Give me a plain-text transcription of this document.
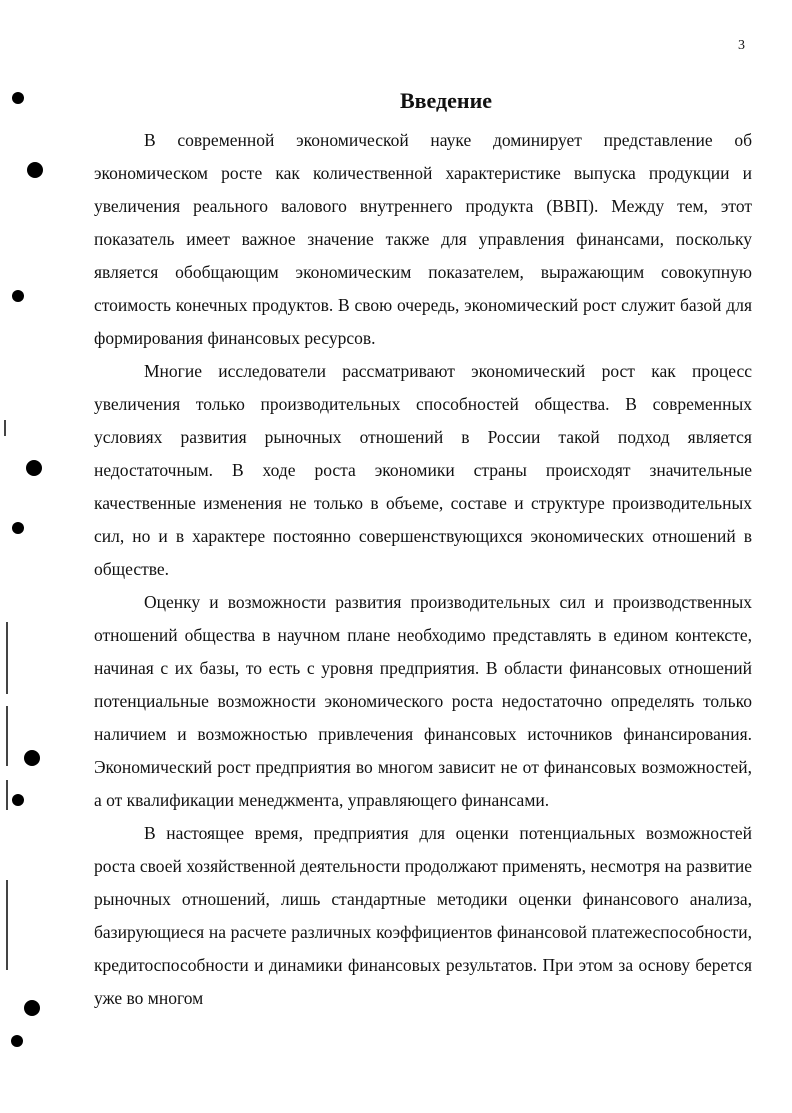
3
Введение

В современной экономической науке доминирует представление об экономическом росте как количественной характеристике выпуска продукции и увеличения реального валового внутреннего продукта (ВВП). Между тем, этот показатель имеет важное значение также для управления финансами, поскольку является обобщающим экономическим показателем, выражающим совокупную стоимость конечных продуктов. В свою очередь, экономический рост служит базой для формирования финансовых ресурсов.

Многие исследователи рассматривают экономический рост как процесс увеличения только производительных способностей общества. В современных условиях развития рыночных отношений в России такой подход является недостаточным. В ходе роста экономики страны происходят значительные качественные изменения не только в объеме, составе и структуре производительных сил, но и в характере постоянно совершенствующихся экономических отношений в обществе.

Оценку и возможности развития производительных сил и производственных отношений общества в научном плане необходимо представлять в едином контексте, начиная с их базы, то есть с уровня предприятия. В области финансовых отношений потенциальные возможности экономического роста недостаточно определять только наличием и возможностью привлечения финансовых источников финансирования. Экономический рост предприятия во многом зависит не от финансовых возможностей, а от квалификации менеджмента, управляющего финансами.

В настоящее время, предприятия для оценки потенциальных возможностей роста своей хозяйственной деятельности продолжают применять, несмотря на развитие рыночных отношений, лишь стандартные методики оценки финансового анализа, базирующиеся на расчете различных коэффициентов финансовой платежеспособности, кредитоспособности и динамики финансовых результатов. При этом за основу берется уже во многом
